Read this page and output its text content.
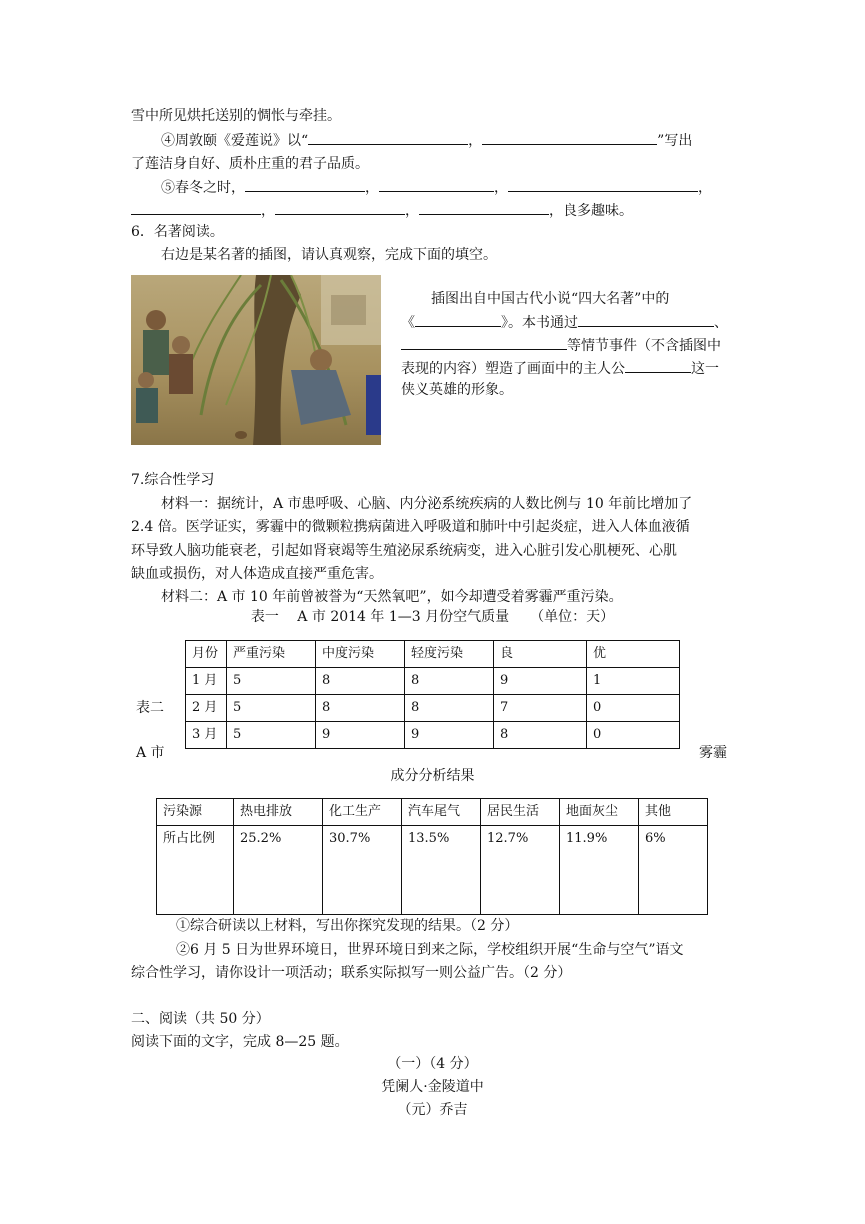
雪中所见烘托送别的惆怅与牵挂。
④周敦颐《爱莲说》以“	，	”写出
了莲洁身自好、质朴庄重的君子品质。
⑤春冬之时，	，	，	，
，	，	，良多趣味。
6．名著阅读。
右边是某名著的插图，请认真观察，完成下面的填空。
插图出自中国古代小说“四大名著”中的
《	》。本书通过	、
等情节事件（不含插图中
表现的内容）塑造了画面中的主人公	这一
侠义英雄的形象。
7.综合性学习
材料一：据统计，A 市患呼吸、心脑、内分泌系统疾病的人数比例与 10 年前比增加了
2.4 倍。医学证实，雾霾中的微颗粒携病菌进入呼吸道和肺叶中引起炎症，进入人体血液循
环导致人脑功能衰老，引起如肾衰竭等生殖泌尿系统病变，进入心脏引发心肌梗死、心肌
缺血或损伤，对人体造成直接严重危害。
材料二：A 市 10 年前曾被誉为“天然氧吧”，如今却遭受着雾霾严重污染。
表一　 A 市 2014 年 1—3 月份空气质量　　（单位：天）
月份	严重污染	中度污染	轻度污染	良	优
1 月	5	8	8	9	1
2 月	5	8	8	7	0
3 月	5	9	9	8	0
表二
A 市	雾霾
成分分析结果
污染源	热电排放	化工生产	汽车尾气	居民生活	地面灰尘	其他
所占比例	25.2%	30.7%	13.5%	12.7%	11.9%	6%
①综合研读以上材料，写出你探究发现的结果。（2 分）
②6 月 5 日为世界环境日，世界环境日到来之际，学校组织开展“生命与空气”语文
综合性学习，请你设计一项活动；联系实际拟写一则公益广告。（2 分）
二、阅读（共 50 分）
阅读下面的文字，完成 8—25 题。
（一）（4 分）
凭阑人·金陵道中
（元）乔吉
